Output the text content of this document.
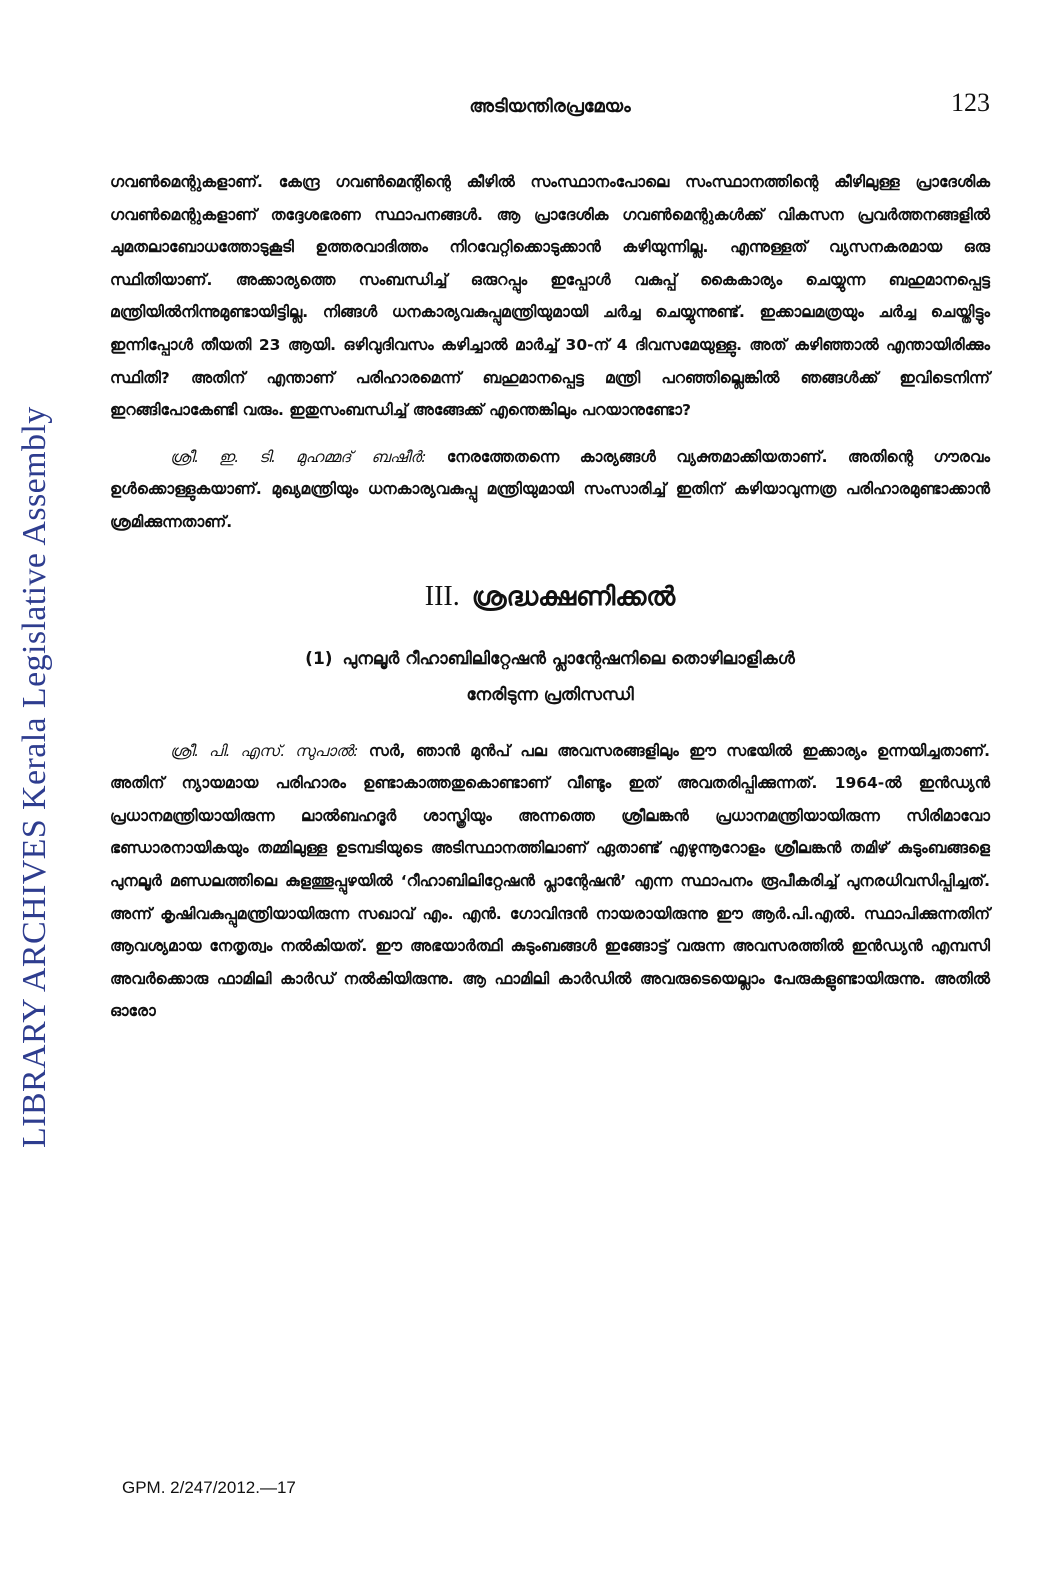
LIBRARY ARCHIVES Kerala Legislative Assembly
അടിയന്തിരപ്രമേയം	123

ഗവൺമെന്റുകളാണ്. കേന്ദ്ര ഗവൺമെന്റിന്റെ കീഴിൽ സംസ്ഥാനംപോലെ സംസ്ഥാനത്തിന്റെ കീഴിലുള്ള പ്രാദേശിക ഗവൺമെന്റുകളാണ് തദ്ദേശഭരണ സ്ഥാപനങ്ങൾ. ആ പ്രാദേശിക ഗവൺമെന്റുകൾക്ക് വികസന പ്രവർത്തനങ്ങളിൽ ചുമതലാബോധത്തോടുകൂടി ഉത്തരവാദിത്തം നിറവേറ്റിക്കൊടുക്കാൻ കഴിയുന്നില്ല. എന്നുള്ളത് വ്യസനകരമായ ഒരു സ്ഥിതിയാണ്. അക്കാര്യത്തെ സംബന്ധിച്ച് ഒരുറപ്പും ഇപ്പോൾ വകുപ്പ് കൈകാര്യം ചെയ്യുന്ന ബഹുമാനപ്പെട്ട മന്ത്രിയിൽനിന്നുമുണ്ടായിട്ടില്ല. നിങ്ങൾ ധനകാര്യവകുപ്പുമന്ത്രിയുമായി ചർച്ച ചെയ്യുന്നുണ്ട്. ഇക്കാലമത്രയും ചർച്ച ചെയ്തിട്ടും ഇന്നിപ്പോൾ തീയതി 23 ആയി. ഒഴിവുദിവസം കഴിച്ചാൽ മാർച്ച് 30-ന് 4 ദിവസമേയുള്ളു. അത് കഴിഞ്ഞാൽ എന്തായിരിക്കും സ്ഥിതി? അതിന് എന്താണ് പരിഹാരമെന്ന് ബഹുമാനപ്പെട്ട മന്ത്രി പറഞ്ഞില്ലെങ്കിൽ ഞങ്ങൾക്ക് ഇവിടെനിന്ന് ഇറങ്ങിപോകേണ്ടി വരും. ഇതുസംബന്ധിച്ച് അങ്ങേക്ക് എന്തെങ്കിലും പറയാനുണ്ടോ?

ശ്രീ. ഇ. ടി. മുഹമ്മദ് ബഷീർ: നേരത്തേതന്നെ കാര്യങ്ങൾ വ്യക്തമാക്കിയതാണ്. അതിന്റെ ഗൗരവം ഉൾക്കൊള്ളുകയാണ്. മുഖ്യമന്ത്രിയും ധനകാര്യവകുപ്പു മന്ത്രിയുമായി സംസാരിച്ച് ഇതിന് കഴിയാവുന്നത്ര പരിഹാരമുണ്ടാക്കാൻ ശ്രമിക്കുന്നതാണ്.

III. ശ്രദ്ധക്ഷണിക്കൽ
(1) പുനലൂർ റീഹാബിലിറ്റേഷൻ പ്ലാന്റേഷനിലെ തൊഴിലാളികൾ
നേരിടുന്ന പ്രതിസന്ധി

ശ്രീ. പി. എസ്. സുപാൽ: സർ, ഞാൻ മുൻപ് പല അവസരങ്ങളിലും ഈ സഭയിൽ ഇക്കാര്യം ഉന്നയിച്ചതാണ്. അതിന് ന്യായമായ പരിഹാരം ഉണ്ടാകാത്തതുകൊണ്ടാണ് വീണ്ടും ഇത് അവതരിപ്പിക്കുന്നത്. 1964-ൽ ഇൻഡ്യൻ പ്രധാനമന്ത്രിയായിരുന്ന ലാൽബഹദൂർ ശാസ്ത്രിയും അന്നത്തെ ശ്രീലങ്കൻ പ്രധാനമന്ത്രിയായിരുന്ന സിരിമാവോ ഭണ്ഡാരനായികയും തമ്മിലുള്ള ഉടമ്പടിയുടെ അടിസ്ഥാനത്തിലാണ് ഏതാണ്ട് എഴുന്നൂറോളം ശ്രീലങ്കൻ തമിഴ് കുടുംബങ്ങളെ പുനലൂർ മണ്ഡലത്തിലെ കുളത്തൂപ്പുഴയിൽ ‘റീഹാബിലിറ്റേഷൻ പ്ലാന്റേഷൻ’ എന്ന സ്ഥാപനം രൂപീകരിച്ച് പുനരധിവസിപ്പിച്ചത്. അന്ന് കൃഷിവകുപ്പുമന്ത്രിയായിരുന്ന സഖാവ് എം. എൻ. ഗോവിന്ദൻ നായരായിരുന്നു ഈ ആർ.പി.എൽ. സ്ഥാപിക്കുന്നതിന് ആവശ്യമായ നേതൃത്വം നൽകിയത്. ഈ അഭയാർത്ഥി കുടുംബങ്ങൾ ഇങ്ങോട്ട് വരുന്ന അവസരത്തിൽ ഇൻഡ്യൻ എമ്പസി അവർക്കൊരു ഫാമിലി കാർഡ് നൽകിയിരുന്നു. ആ ഫാമിലി കാർഡിൽ അവരുടെയെല്ലാം പേരുകളുണ്ടായിരുന്നു. അതിൽ ഓരോ

GPM. 2/247/2012.—17
